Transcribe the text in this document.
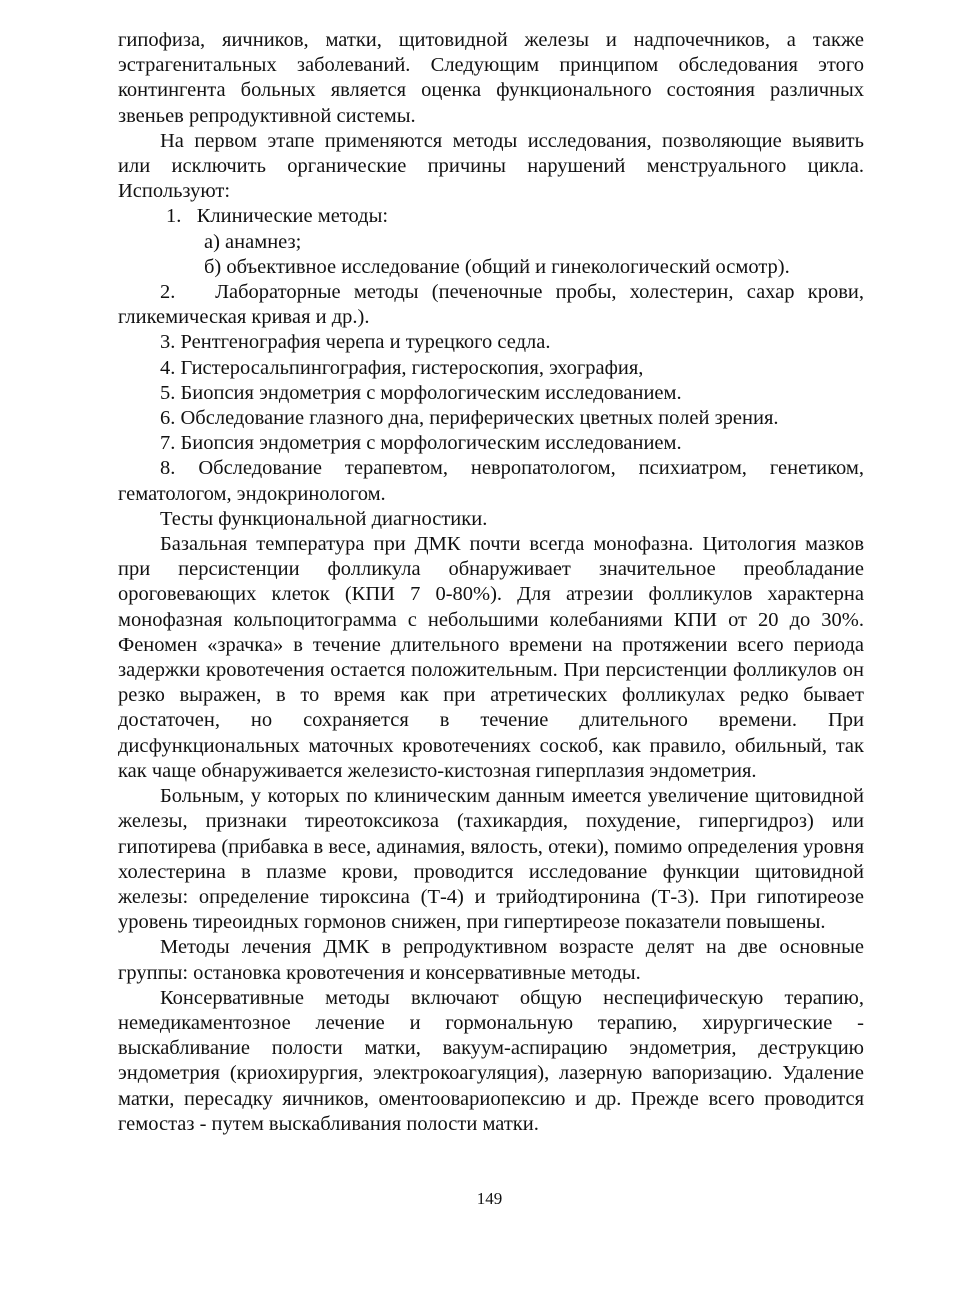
гипофиза, яичников, матки, щитовидной железы и надпочечников, а также эстрагенитальных заболеваний. Следующим принципом обследования этого контингента больных является оценка функционального состояния различных звеньев репродуктивной системы.

На первом этапе применяются методы исследования, позволяющие выявить или исключить органические причины нарушений менструального цикла. Используют:

1.   Клинические методы:

а) анамнез;

б) объективное исследование (общий и гинекологический осмотр).

2.   Лабораторные методы (печеночные пробы, холестерин, сахар крови, гликемическая кривая и др.).

3. Рентгенография черепа и турецкого седла.

4. Гистеросальпингография, гистероскопия, эхография,

5. Биопсия эндометрия с морфологическим исследованием.

6. Обследование глазного дна, периферических цветных полей зрения.

7. Биопсия эндометрия с морфологическим исследованием.

8. Обследование терапевтом, невропатологом, психиатром, генетиком, гематологом, эндокринологом.

Тесты функциональной диагностики.

Базальная температура при ДМК почти всегда монофазна. Цитология мазков при персистенции фолликула обнаруживает значительное преобладание ороговевающих клеток (КПИ 7 0-80%). Для атрезии фолликулов характерна монофазная кольпоцитограмма с небольшими колебаниями КПИ от 20 до 30%. Феномен «зрачка» в течение длительного времени на протяжении всего периода задержки кровотечения остается положительным. При персистенции фолликулов он резко выражен, в то время как при атретических фолликулах редко бывает достаточен, но сохраняется в течение длительного времени. При дисфункциональных маточных кровотечениях соскоб, как правило, обильный, так как чаще обнаруживается железисто-кистозная гиперплазия эндометрия.

Больным, у которых по клиническим данным имеется увеличение щитовидной железы, признаки тиреотоксикоза (тахикардия, похудение, гипергидроз) или гипотирева (прибавка в весе, адинамия, вялость, отеки), помимо определения уровня холестерина в плазме крови, проводится исследование функции щитовидной железы: определение тироксина (Т-4) и трийодтиронина (Т-3). При гипотиреозе уровень тиреоидных гормонов снижен, при гипертиреозе показатели повышены.

Методы лечения ДМК в репродуктивном возрасте делят на две основные группы: остановка кровотечения и консервативные методы.

Консервативные методы включают общую неспецифическую терапию, немедикаментозное лечение и гормональную терапию, хирургические - выскабливание полости матки, вакуум-аспирацию эндометрия, деструкцию эндометрия (криохирургия, электрокоагуляция), лазерную вапоризацию. Удаление матки, пересадку яичников, оментоовариопексию и др. Прежде всего проводится гемостаз - путем выскабливания полости матки.

149
